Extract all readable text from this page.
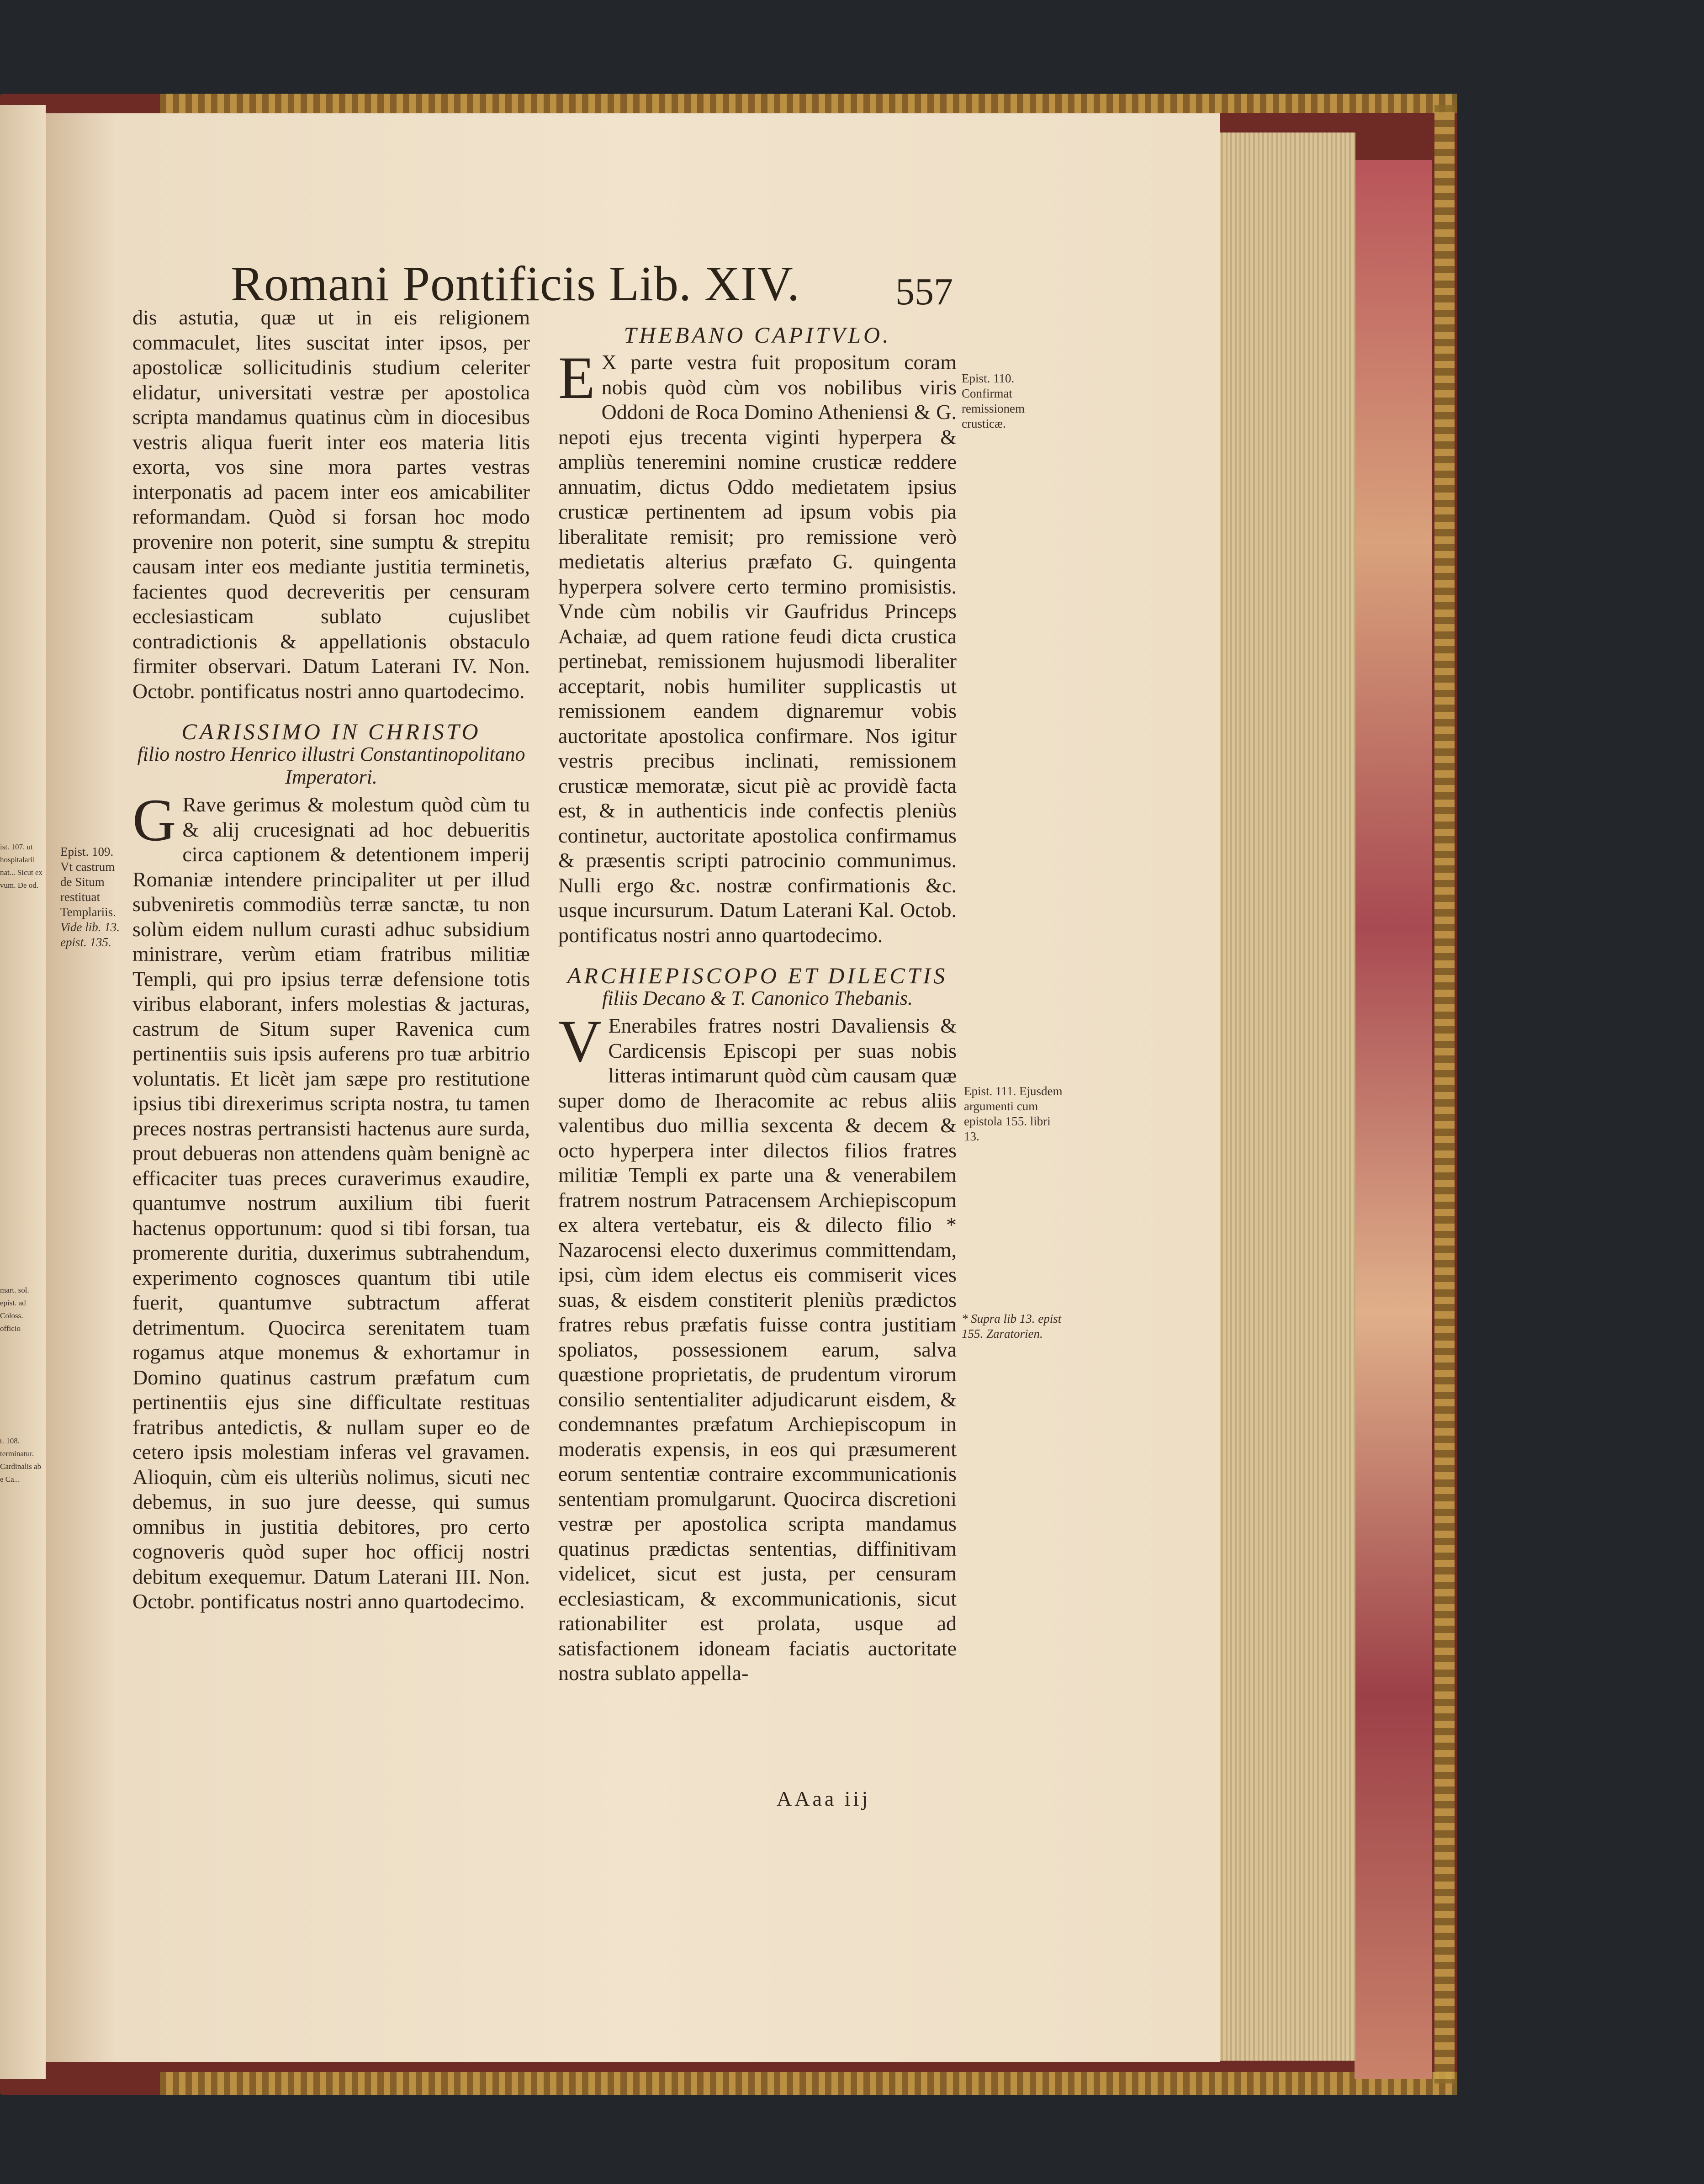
ist. 107. ut hospitalarii nat... Sicut ex vum. De od.
mart. sol. epist. ad Coloss. officio
t. 108. terminatur. Cardinalis ab e Ca...
Romani Pontificis Lib. XIV. 557

dis astutia, quæ ut in eis religionem commaculet, lites suscitat inter ipsos, per apostolicæ sollicitudinis studium celeriter elidatur, universitati vestræ per apostolica scripta mandamus quatinus cùm in diocesibus vestris aliqua fuerit inter eos materia litis exorta, vos sine mora partes vestras interponatis ad pacem inter eos amicabiliter reformandam. Quòd si forsan hoc modo provenire non poterit, sine sumptu & strepitu causam inter eos mediante justitia terminetis, facientes quod decreveritis per censuram ecclesiasticam sublato cujuslibet contradictionis & appellationis obstaculo firmiter observari. Datum Laterani IV. Non. Octobr. pontificatus nostri anno quartodecimo.

CARISSIMO IN CHRISTO
filio nostro Henrico illustri Constantinopolitano Imperatori.

G Rave gerimus & molestum quòd cùm tu & alij crucesignati ad hoc debueritis circa captionem & detentionem imperij Romaniæ intendere principaliter ut per illud subveniretis commodiùs terræ sanctæ, tu non solùm eidem nullum curasti adhuc subsidium ministrare, verùm etiam fratribus militiæ Templi, qui pro ipsius terræ defensione totis viribus elaborant, infers molestias & jacturas, castrum de Situm super Ravenica cum pertinentiis suis ipsis auferens pro tuæ arbitrio voluntatis. Et licèt jam sæpe pro restitutione ipsius tibi direxerimus scripta nostra, tu tamen preces nostras pertransisti hactenus aure surda, prout debueras non attendens quàm benignè ac efficaciter tuas preces curaverimus exaudire, quantumve nostrum auxilium tibi fuerit hactenus opportunum: quod si tibi forsan, tua promerente duritia, duxerimus subtrahendum, experimento cognosces quantum tibi utile fuerit, quantumve subtractum afferat detrimentum. Quocirca serenitatem tuam rogamus atque monemus & exhortamur in Domino quatinus castrum præfatum cum pertinentiis ejus sine difficultate restituas fratribus antedictis, & nullam super eo de cetero ipsis molestiam inferas vel gravamen. Alioquin, cùm eis ulteriùs nolimus, sicuti nec debemus, in suo jure deesse, qui sumus omnibus in justitia debitores, pro certo cognoveris quòd super hoc officij nostri debitum exequemur. Datum Laterani III. Non. Octobr. pontificatus nostri anno quartodecimo.

THEBANO CAPITVLO.

E X parte vestra fuit propositum coram nobis quòd cùm vos nobilibus viris Oddoni de Roca Domino Atheniensi & G. nepoti ejus trecenta viginti hyperpera & ampliùs teneremini nomine crusticæ reddere annuatim, dictus Oddo medietatem ipsius crusticæ pertinentem ad ipsum vobis pia liberalitate remisit; pro remissione verò medietatis alterius præfato G. quingenta hyperpera solvere certo termino promisistis. Vnde cùm nobilis vir Gaufridus Princeps Achaiæ, ad quem ratione feudi dicta crustica pertinebat, remissionem hujusmodi liberaliter acceptarit, nobis humiliter supplicastis ut remissionem eandem dignaremur vobis auctoritate apostolica confirmare. Nos igitur vestris precibus inclinati, remissionem crusticæ memoratæ, sicut piè ac providè facta est, & in authenticis inde confectis pleniùs continetur, auctoritate apostolica confirmamus & præsentis scripti patrocinio communimus. Nulli ergo &c. nostræ confirmationis &c. usque incursurum. Datum Laterani Kal. Octob. pontificatus nostri anno quartodecimo.

ARCHIEPISCOPO ET DILECTIS
filiis Decano & T. Canonico Thebanis.

V Enerabiles fratres nostri Davaliensis & Cardicensis Episcopi per suas nobis litteras intimarunt quòd cùm causam quæ super domo de Iheracomite ac rebus aliis valentibus duo millia sexcenta & decem & octo hyperpera inter dilectos filios fratres militiæ Templi ex parte una & venerabilem fratrem nostrum Patracensem Archiepiscopum ex altera vertebatur, eis & dilecto filio * Nazarocensi electo duxerimus committendam, ipsi, cùm idem electus eis commiserit vices suas, & eisdem constiterit pleniùs prædictos fratres rebus præfatis fuisse contra justitiam spoliatos, possessionem earum, salva quæstione proprietatis, de prudentum virorum consilio sententialiter adjudicarunt eisdem, & condemnantes præfatum Archiepiscopum in moderatis expensis, in eos qui præsumerent eorum sententiæ contraire excommunicationis sententiam promulgarunt. Quocirca discretioni vestræ per apostolica scripta mandamus quatinus prædictas sententias, diffinitivam videlicet, sicut est justa, per censuram ecclesiasticam, & excommunicationis, sicut rationabiliter est prolata, usque ad satisfactionem idoneam faciatis auctoritate nostra sublato appella-

Epist. 109.
Vt castrum de Situm restituat Templariis.
Vide lib. 13. epist. 135.
Epist. 110. Confirmat remissionem crusticæ.
Epist. 111. Ejusdem argumenti cum epistola 155. libri 13.
* Supra lib 13. epist 155. Zaratorien.
AAaa iij
